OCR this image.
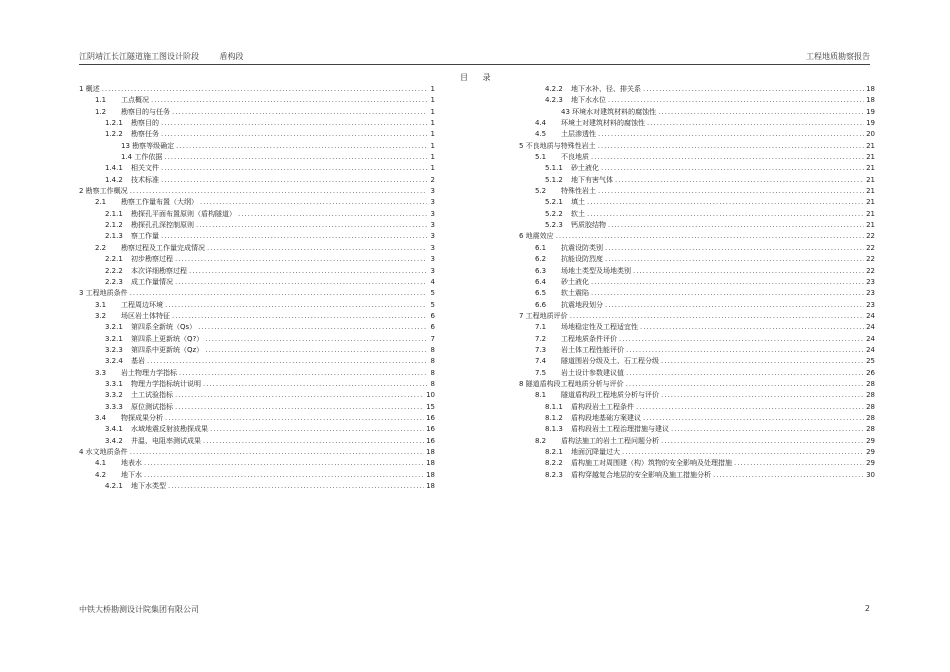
江阴靖江长江隧道施工图设计阶段	盾构段	工程地质勘察报告
目 录
1 概述 .....	1
1.1	工点概况 .....	1
1.2	勘察目的与任务 .....	1
1.2.1	勘察目的 .....	1
1.2.2	勘察任务 .....	1
13 勘察等级确定 .....	1
1.4 工作依据 .....	1
1.4.1	相关文件 .....	1
1.4.2	技术标准 .....	2
2 勘察工作概况 .....	3
2.1	勘察工作量布置（大纲） .....	3
2.1.1	勘探孔平面布置原则（盾构隧道） .....	3
2.1.2	勘探孔孔深控制原则 .....	3
2.1.3	察工作量 .....	3
2.2	勘察过程及工作量完成情况 .....	3
2.2.1	初步勘察过程 .....	3
2.2.2	本次详细勘察过程 .....	3
2.2.3	成工作量情况 .....	4
3 工程地质条件 .....	5
3.1	工程周边环境 .....	5
3.2	场区岩土体特征 .....	6
3.2.1	第四系全新统（Qs） .....	6
3.2.1	第四系上更新统（Q?） .....	7
3.2.3	第四系中更新统（Qz） .....	8
3.2.4	基岩 .....	8
3.3	岩土物理力学指标 .....	8
3.3.1	物理力学指标统计说明 .....	8
3.3.2	土工试验指标 .....	10
3.3.3	原位测试指标 .....	15
3.4	物探成果分析 .....	16
3.4.1	水域地震反射波勘探成果 .....	16
3.4.2	井温、电阻率测试成果 .....	16
4 水文地质条件 .....	18
4.1	地表水 .....	18
4.2	地下水 .....	18
4.2.1	地下水类型 .....	18
4.2.2	地下水补、径、排关系 .....	18
4.2.3	地下水水位 .....	18
43 环境水对建筑材料的腐蚀性 .....	19
4.4	环境土对建筑材料的腐蚀性 .....	19
4.5	土层渗透性 .....	20
5 不良地质与特殊性岩土 .....	21
5.1	不良地质 .....	21
5.1.1	砂土液化 .....	21
5.1.2	地下有害气体 .....	21
5.2	特殊性岩土 .....	21
5.2.1	填土 .....	21
5.2.2	软土 .....	21
5.2.3	钙质胶结物 .....	21
6 地震效应 .....	22
6.1	抗震设防类别 .....	22
6.2	抗能设防烈度 .....	22
6.3	场地土类型及场地类别 .....	22
6.4	砂土液化 .....	23
6.5	软土震陷 .....	23
6.6	抗震地段划分 .....	23
7 工程地质评价 .....	24
7.1	场地稳定性及工程适宜性 .....	24
7.2	工程地质条件评价 .....	24
7.3	岩土体工程性能评价 .....	24
7.4	隧道围岩分级及土、石工程分级 .....	25
7.5	岩土设计参数建议值 .....	26
8 隧道盾构段工程地质分析与评价 .....	28
8.1	隧道盾构段工程地质分析与评价 .....	28
8.1.1	盾构段岩土工程条件 .....	28
8.1.2	盾构段地基础方案建议 .....	28
8.1.3	盾构段岩土工程治理措施与建议 .....	28
8.2	盾构法施工的岩土工程问题分析 .....	29
8.2.1	地面沉降量过大 .....	29
8.2.2	盾构施工对周围建（构）筑物的安全影响及处理措施 .....	29
8.2.3	盾构穿越复合地层的安全影响及施工措施分析 .....	30
中铁大桥勘测设计院集团有限公司	2
